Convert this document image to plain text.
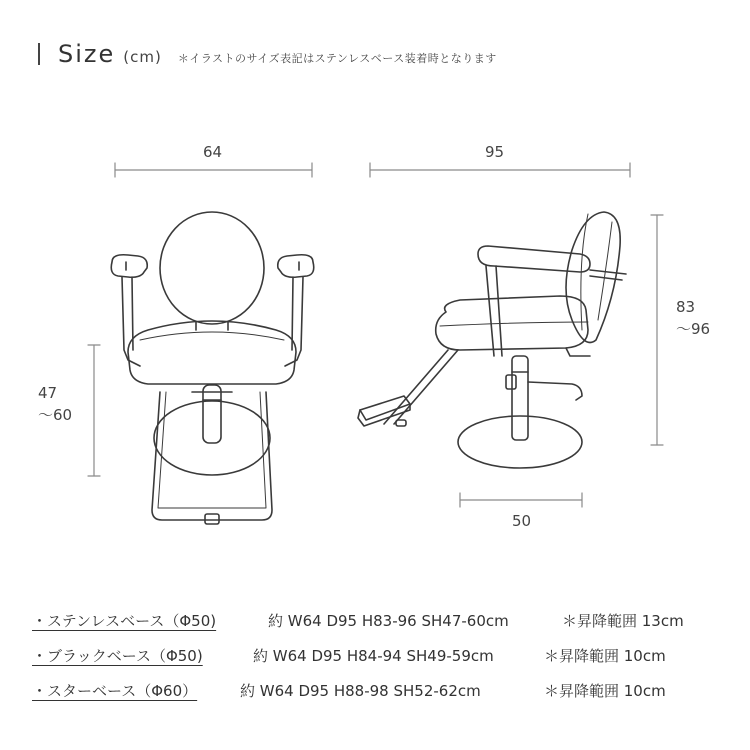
Size (cm) ＊イラストのサイズ表記はステンレスベース装着時となります
64
47
～60
95
83
～96
50
・ステンレスベース（Φ50)	約 W64 D95 H83-96 SH47-60cm	＊昇降範囲 13cm
・ブラックベース（Φ50)	約 W64 D95 H84-94 SH49-59cm	＊昇降範囲 10cm
・スターベース（Φ60）	約 W64 D95 H88-98 SH52-62cm	＊昇降範囲 10cm
